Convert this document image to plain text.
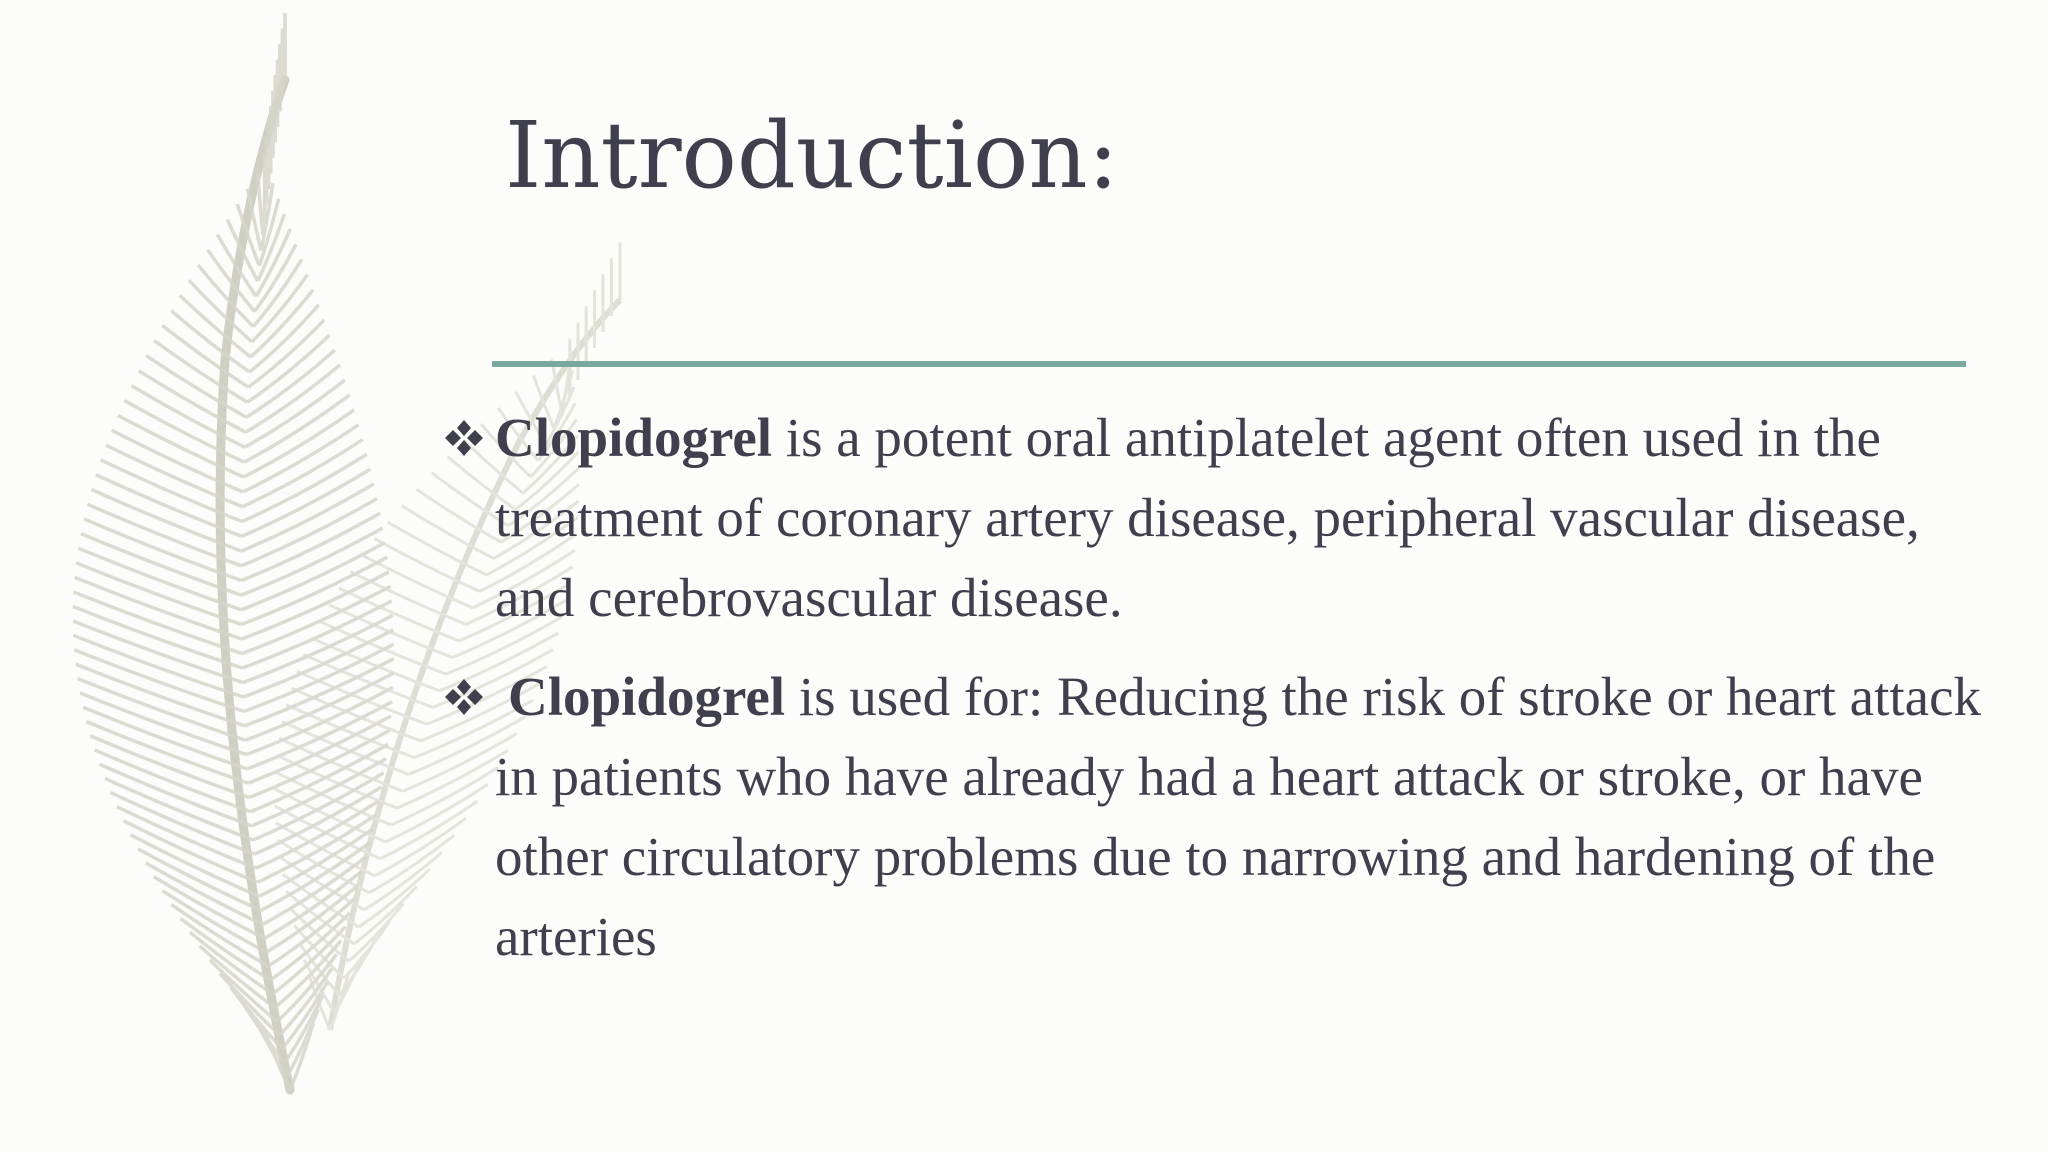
Introduction:
Clopidogrel is a potent oral antiplatelet agent often used in the treatment of coronary artery disease, peripheral vascular disease, and cerebrovascular disease.
Clopidogrel is used for: Reducing the risk of stroke or heart attack in patients who have already had a heart attack or stroke, or have other circulatory problems due to narrowing and hardening of the arteries
